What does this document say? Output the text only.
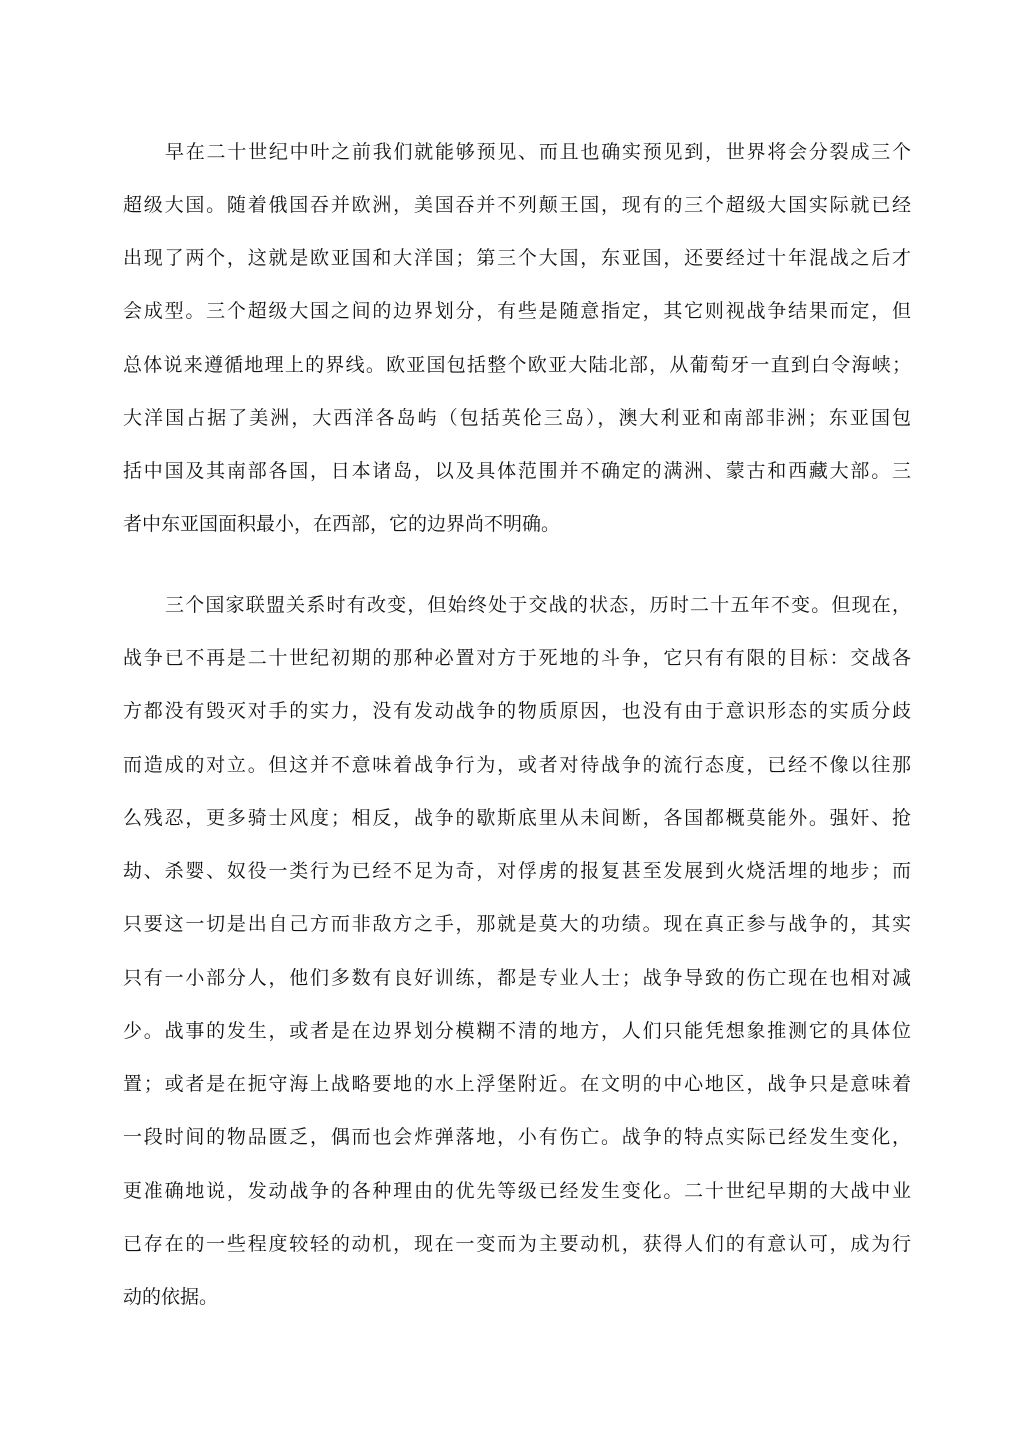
早在二十世纪中叶之前我们就能够预见、而且也确实预见到，世界将会分裂成三个
超级大国。随着俄国吞并欧洲，美国吞并不列颠王国，现有的三个超级大国实际就已经
出现了两个，这就是欧亚国和大洋国；第三个大国，东亚国，还要经过十年混战之后才
会成型。三个超级大国之间的边界划分，有些是随意指定，其它则视战争结果而定，但
总体说来遵循地理上的界线。欧亚国包括整个欧亚大陆北部，从葡萄牙一直到白令海峡；
大洋国占据了美洲，大西洋各岛屿（包括英伦三岛），澳大利亚和南部非洲；东亚国包
括中国及其南部各国，日本诸岛，以及具体范围并不确定的满洲、蒙古和西藏大部。三
者中东亚国面积最小，在西部，它的边界尚不明确。
三个国家联盟关系时有改变，但始终处于交战的状态，历时二十五年不变。但现在，
战争已不再是二十世纪初期的那种必置对方于死地的斗争，它只有有限的目标：交战各
方都没有毁灭对手的实力，没有发动战争的物质原因，也没有由于意识形态的实质分歧
而造成的对立。但这并不意味着战争行为，或者对待战争的流行态度，已经不像以往那
么残忍，更多骑士风度；相反，战争的歇斯底里从未间断，各国都概莫能外。强奸、抢
劫、杀婴、奴役一类行为已经不足为奇，对俘虏的报复甚至发展到火烧活埋的地步；而
只要这一切是出自己方而非敌方之手，那就是莫大的功绩。现在真正参与战争的，其实
只有一小部分人，他们多数有良好训练，都是专业人士；战争导致的伤亡现在也相对减
少。战事的发生，或者是在边界划分模糊不清的地方，人们只能凭想象推测它的具体位
置；或者是在扼守海上战略要地的水上浮堡附近。在文明的中心地区，战争只是意味着
一段时间的物品匮乏，偶而也会炸弹落地，小有伤亡。战争的特点实际已经发生变化，
更准确地说，发动战争的各种理由的优先等级已经发生变化。二十世纪早期的大战中业
已存在的一些程度较轻的动机，现在一变而为主要动机，获得人们的有意认可，成为行
动的依据。
